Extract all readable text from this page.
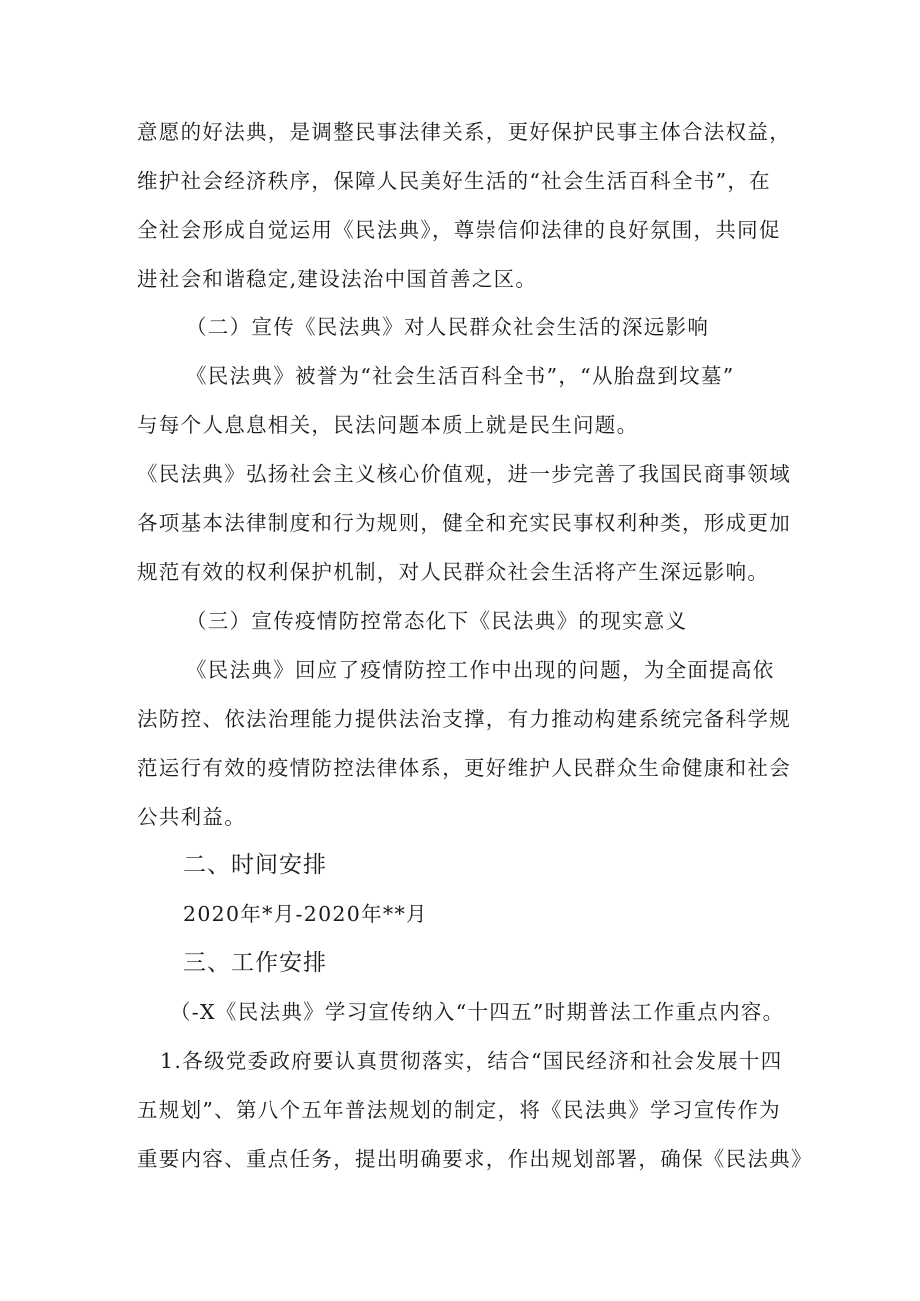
意愿的好法典，是调整民事法律关系，更好保护民事主体合法权益，
维护社会经济秩序，保障人民美好生活的“社会生活百科全书”，在
全社会形成自觉运用《民法典》，尊崇信仰法律的良好氛围，共同促
进社会和谐稳定,建设法治中国首善之区。
（二）宣传《民法典》对人民群众社会生活的深远影响
《民法典》被誉为“社会生活百科全书”，“从胎盘到坟墓”
与每个人息息相关，民法问题本质上就是民生问题。
《民法典》弘扬社会主义核心价值观，进一步完善了我国民商事领域
各项基本法律制度和行为规则，健全和充实民事权利种类，形成更加
规范有效的权利保护机制，对人民群众社会生活将产生深远影响。
（三）宣传疫情防控常态化下《民法典》的现实意义
《民法典》回应了疫情防控工作中出现的问题，为全面提高依
法防控、依法治理能力提供法治支撑，有力推动构建系统完备科学规
范运行有效的疫情防控法律体系，更好维护人民群众生命健康和社会
公共利益。
二、时间安排
2020年*月-2020年**月
三、工作安排
（-X《民法典》学习宣传纳入“十四五”时期普法工作重点内容。
1.各级党委政府要认真贯彻落实，结合“国民经济和社会发展十四
五规划”、第八个五年普法规划的制定，将《民法典》学习宣传作为
重要内容、重点任务，提出明确要求，作出规划部署，确保《民法典》
